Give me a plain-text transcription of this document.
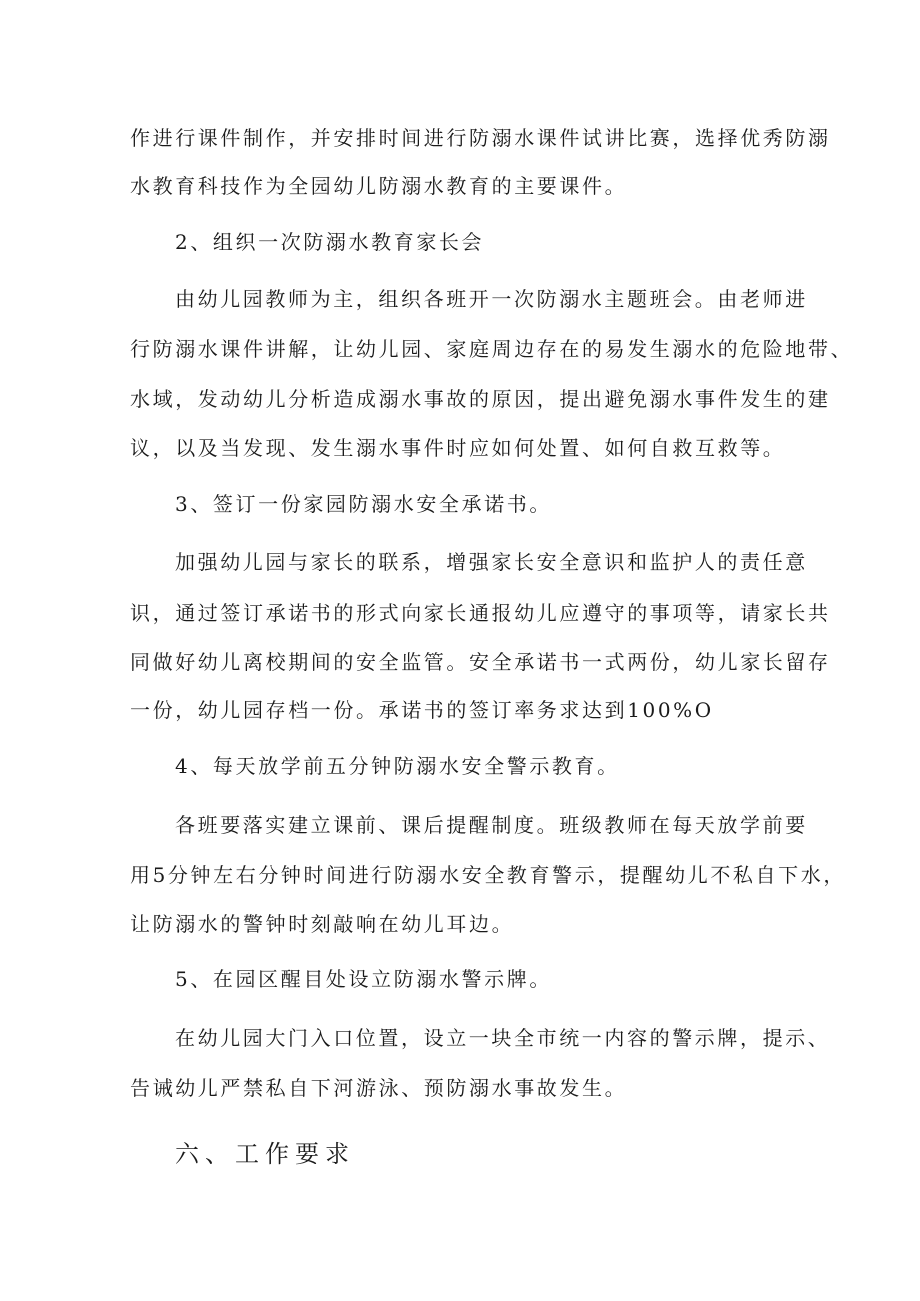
作进行课件制作，并安排时间进行防溺水课件试讲比赛，选择优秀防溺
水教育科技作为全园幼儿防溺水教育的主要课件。
2、组织一次防溺水教育家长会
由幼儿园教师为主，组织各班开一次防溺水主题班会。由老师进
行防溺水课件讲解，让幼儿园、家庭周边存在的易发生溺水的危险地带、
水域，发动幼儿分析造成溺水事故的原因，提出避免溺水事件发生的建
议，以及当发现、发生溺水事件时应如何处置、如何自救互救等。
3、签订一份家园防溺水安全承诺书。
加强幼儿园与家长的联系，增强家长安全意识和监护人的责任意
识，通过签订承诺书的形式向家长通报幼儿应遵守的事项等，请家长共
同做好幼儿离校期间的安全监管。安全承诺书一式两份，幼儿家长留存
一份，幼儿园存档一份。承诺书的签订率务求达到100%O
4、每天放学前五分钟防溺水安全警示教育。
各班要落实建立课前、课后提醒制度。班级教师在每天放学前要
用5分钟左右分钟时间进行防溺水安全教育警示，提醒幼儿不私自下水，
让防溺水的警钟时刻敲响在幼儿耳边。
5、在园区醒目处设立防溺水警示牌。
在幼儿园大门入口位置，设立一块全市统一内容的警示牌，提示、
告诫幼儿严禁私自下河游泳、预防溺水事故发生。
六、工作要求
